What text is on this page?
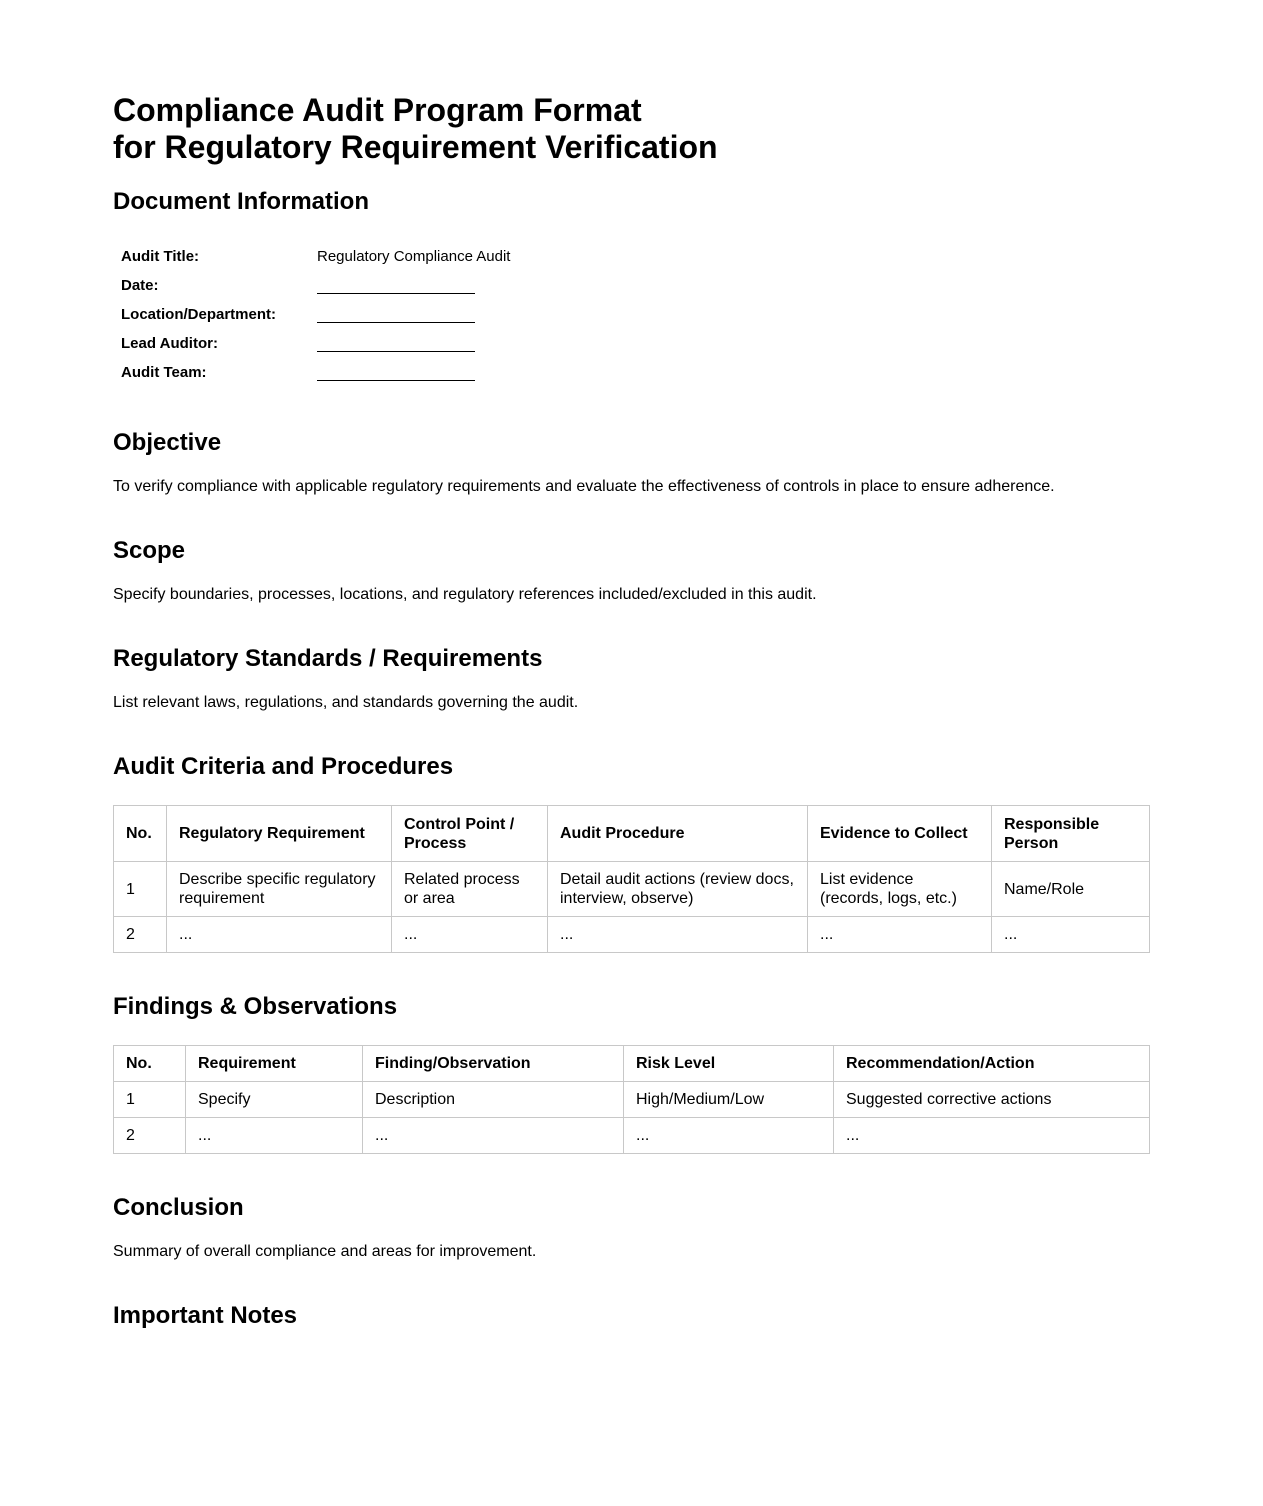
Compliance Audit Program Format
for Regulatory Requirement Verification
Document Information
Audit Title:	Regulatory Compliance Audit
Date:	
Location/Department:	
Lead Auditor:	
Audit Team:	
Objective

To verify compliance with applicable regulatory requirements and evaluate the effectiveness of controls in place to ensure adherence.

Scope

Specify boundaries, processes, locations, and regulatory references included/excluded in this audit.

Regulatory Standards / Requirements

List relevant laws, regulations, and standards governing the audit.

Audit Criteria and Procedures
No.	Regulatory Requirement	Control Point / Process	Audit Procedure	Evidence to Collect	Responsible Person
1	Describe specific regulatory requirement	Related process or area	Detail audit actions (review docs, interview, observe)	List evidence (records, logs, etc.)	Name/Role
2	...	...	...	...	...
Findings & Observations
No.	Requirement	Finding/Observation	Risk Level	Recommendation/Action
1	Specify	Description	High/Medium/Low	Suggested corrective actions
2	...	...	...	...
Conclusion

Summary of overall compliance and areas for improvement.

Important Notes
